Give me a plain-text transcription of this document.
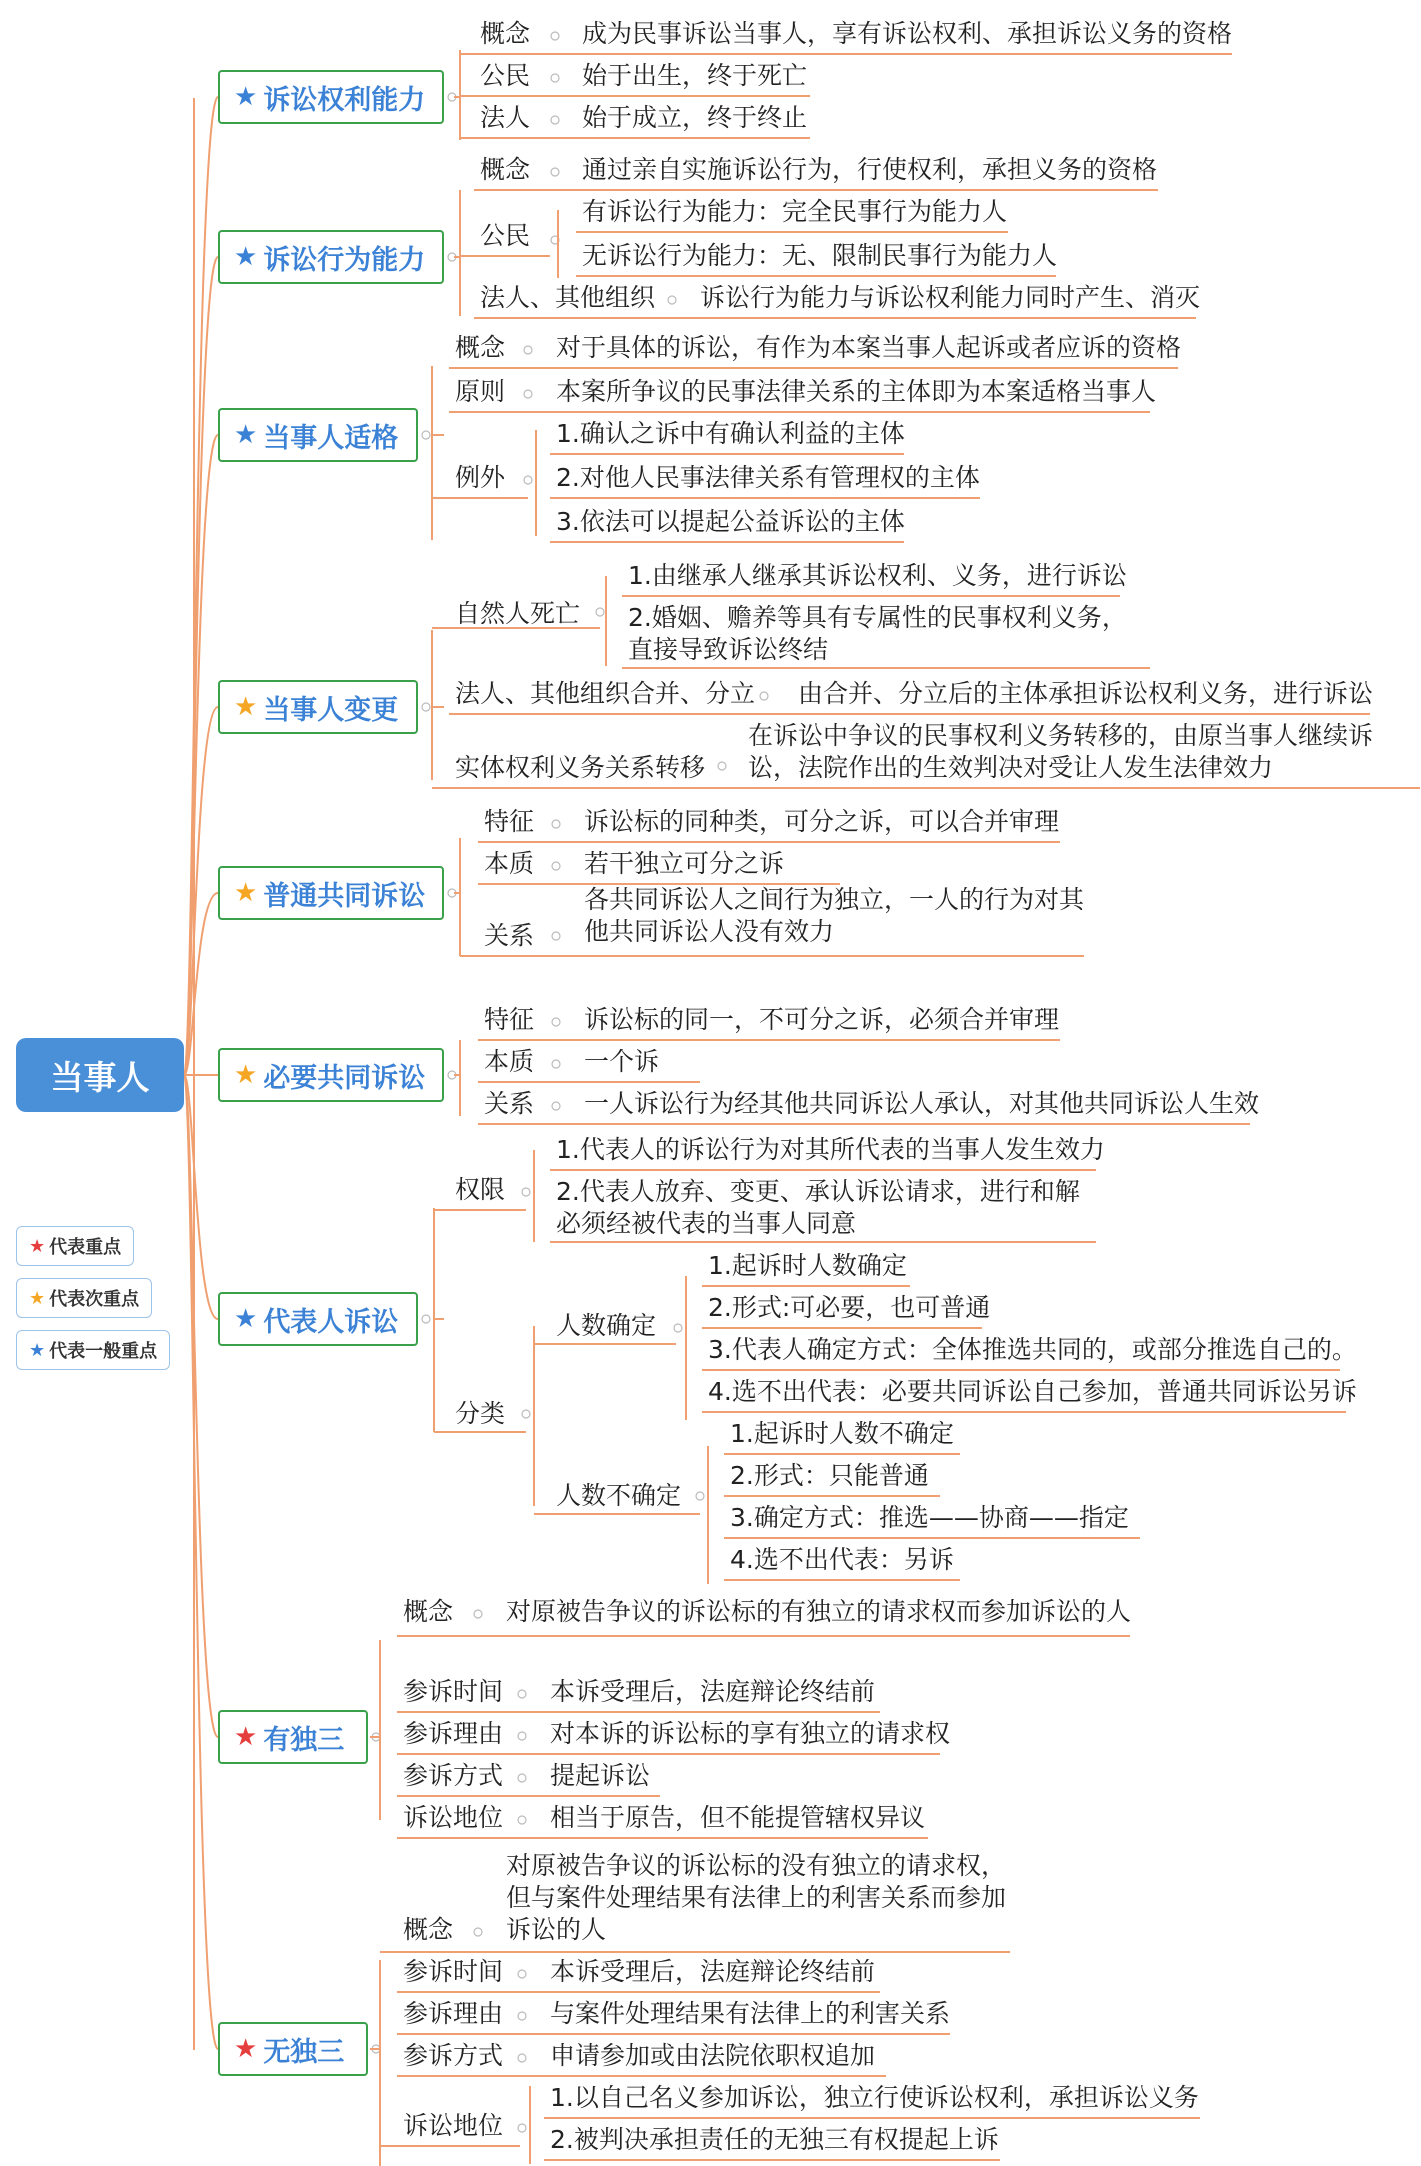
当事人
★ 代表重点
★ 代表次重点
★ 代表一般重点
★ 诉讼权利能力
★ 诉讼行为能力
★ 当事人适格
★ 当事人变更
★ 普通共同诉讼
★ 必要共同诉讼
★ 代表人诉讼
★ 有独三
★ 无独三
概念 成为民事诉讼当事人，享有诉讼权利、承担诉讼义务的资格
公民 始于出生，终于死亡
法人 始于成立，终于终止
概念 通过亲自实施诉讼行为，行使权利，承担义务的资格
公民
有诉讼行为能力：完全民事行为能力人
无诉讼行为能力：无、限制民事行为能力人
法人、其他组织 诉讼行为能力与诉讼权利能力同时产生、消灭
概念 对于具体的诉讼，有作为本案当事人起诉或者应诉的资格
原则 本案所争议的民事法律关系的主体即为本案适格当事人
例外
1.确认之诉中有确认利益的主体
2.对他人民事法律关系有管理权的主体
3.依法可以提起公益诉讼的主体
自然人死亡
1.由继承人继承其诉讼权利、义务，进行诉讼
2.婚姻、赡养等具有专属性的民事权利义务，直接导致诉讼终结
法人、其他组织合并、分立 由合并、分立后的主体承担诉讼权利义务，进行诉讼
实体权利义务关系转移
在诉讼中争议的民事权利义务转移的，由原当事人继续诉讼，法院作出的生效判决对受让人发生法律效力
特征 诉讼标的同种类，可分之诉，可以合并审理
本质 若干独立可分之诉
关系
各共同诉讼人之间行为独立，一人的行为对其他共同诉讼人没有效力
特征 诉讼标的同一，不可分之诉，必须合并审理
本质 一个诉
关系 一人诉讼行为经其他共同诉讼人承认，对其他共同诉讼人生效
权限
1.代表人的诉讼行为对其所代表的当事人发生效力
2.代表人放弃、变更、承认诉讼请求，进行和解必须经被代表的当事人同意
分类
人数确定
1.起诉时人数确定
2.形式:可必要，也可普通
3.代表人确定方式：全体推选共同的，或部分推选自己的。
4.选不出代表：必要共同诉讼自己参加，普通共同诉讼另诉
人数不确定
1.起诉时人数不确定
2.形式：只能普通
3.确定方式：推选——协商——指定
4.选不出代表：另诉
概念 对原被告争议的诉讼标的有独立的请求权而参加诉讼的人
参诉时间 本诉受理后，法庭辩论终结前
参诉理由 对本诉的诉讼标的享有独立的请求权
参诉方式 提起诉讼
诉讼地位 相当于原告，但不能提管辖权异议
概念
对原被告争议的诉讼标的没有独立的请求权，但与案件处理结果有法律上的利害关系而参加诉讼的人
参诉时间 本诉受理后，法庭辩论终结前
参诉理由 与案件处理结果有法律上的利害关系
参诉方式 申请参加或由法院依职权追加
诉讼地位
1.以自己名义参加诉讼，独立行使诉讼权利，承担诉讼义务
2.被判决承担责任的无独三有权提起上诉
